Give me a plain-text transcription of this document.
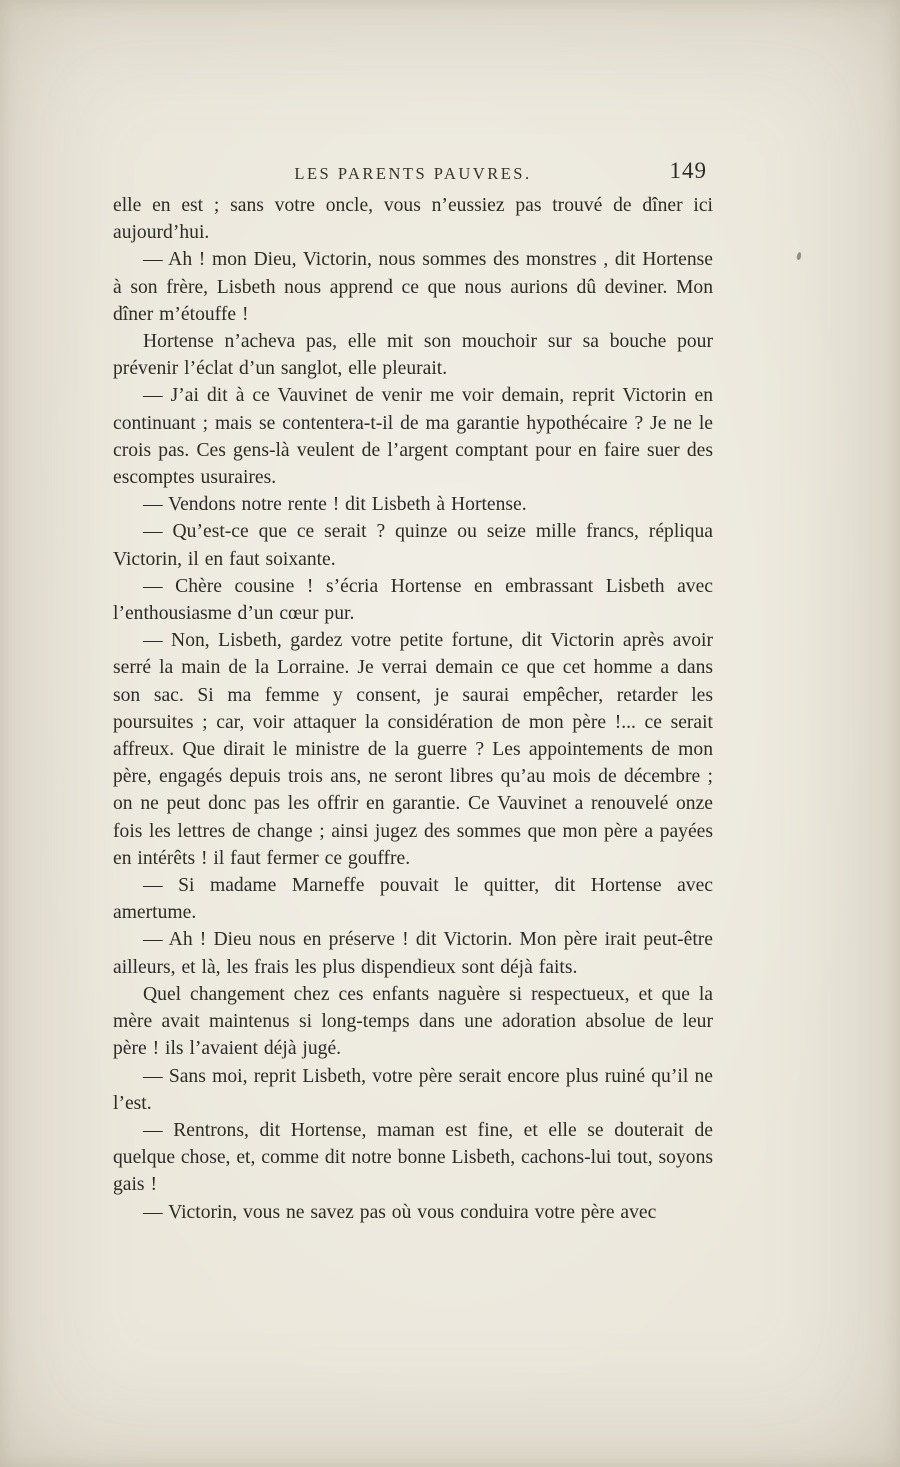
LES PARENTS PAUVRES.	149

elle en est ; sans votre oncle, vous n’eussiez pas trouvé de dîner ici aujourd’hui.

— Ah ! mon Dieu, Victorin, nous sommes des monstres , dit Hortense à son frère, Lisbeth nous apprend ce que nous aurions dû deviner. Mon dîner m’étouffe !

Hortense n’acheva pas, elle mit son mouchoir sur sa bouche pour prévenir l’éclat d’un sanglot, elle pleurait.

— J’ai dit à ce Vauvinet de venir me voir demain, reprit Victorin en continuant ; mais se contentera-t-il de ma garantie hypothécaire ? Je ne le crois pas. Ces gens-là veulent de l’argent comptant pour en faire suer des escomptes usuraires.

— Vendons notre rente ! dit Lisbeth à Hortense.

— Qu’est-ce que ce serait ? quinze ou seize mille francs, répliqua Victorin, il en faut soixante.

— Chère cousine ! s’écria Hortense en embrassant Lisbeth avec l’enthousiasme d’un cœur pur.

— Non, Lisbeth, gardez votre petite fortune, dit Victorin après avoir serré la main de la Lorraine. Je verrai demain ce que cet homme a dans son sac. Si ma femme y consent, je saurai empêcher, retarder les poursuites ; car, voir attaquer la considération de mon père !... ce serait affreux. Que dirait le ministre de la guerre ? Les appointements de mon père, engagés depuis trois ans, ne seront libres qu’au mois de décembre ; on ne peut donc pas les offrir en garantie. Ce Vauvinet a renouvelé onze fois les lettres de change ; ainsi jugez des sommes que mon père a payées en intérêts ! il faut fermer ce gouffre.

— Si madame Marneffe pouvait le quitter, dit Hortense avec amertume.

— Ah ! Dieu nous en préserve ! dit Victorin. Mon père irait peut-être ailleurs, et là, les frais les plus dispendieux sont déjà faits.

Quel changement chez ces enfants naguère si respectueux, et que la mère avait maintenus si long-temps dans une adoration absolue de leur père ! ils l’avaient déjà jugé.

— Sans moi, reprit Lisbeth, votre père serait encore plus ruiné qu’il ne l’est.

— Rentrons, dit Hortense, maman est fine, et elle se douterait de quelque chose, et, comme dit notre bonne Lisbeth, cachons-lui tout, soyons gais !

— Victorin, vous ne savez pas où vous conduira votre père avec
